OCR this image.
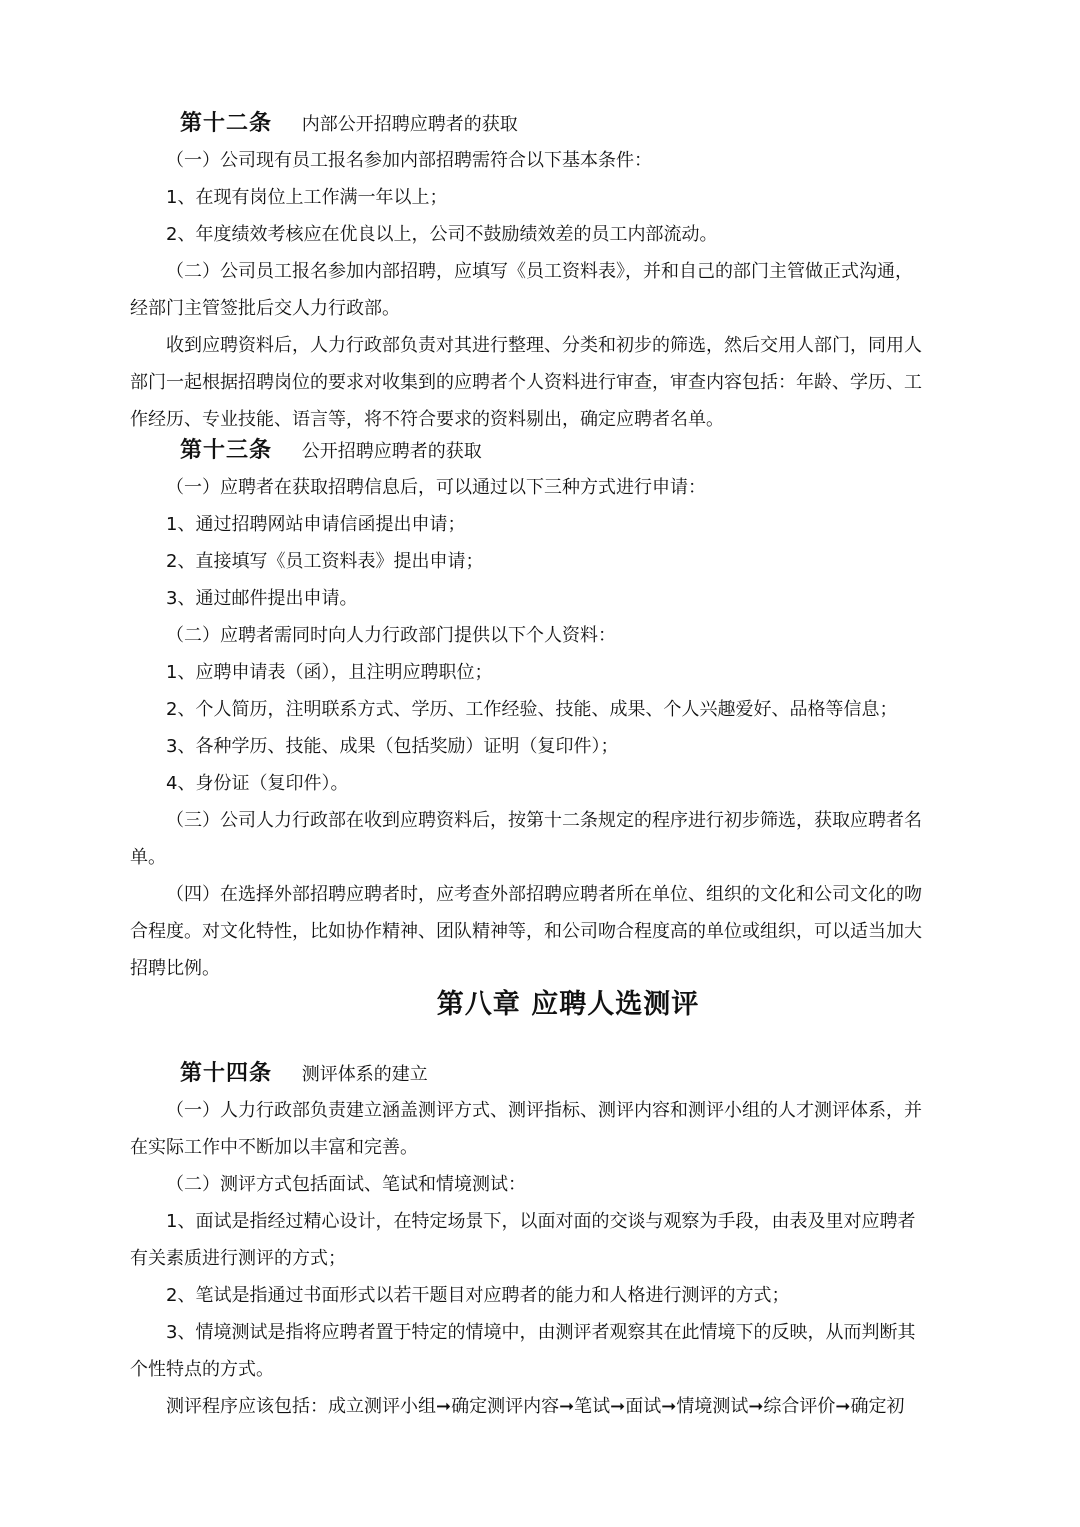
第十二条 内部公开招聘应聘者的获取
（一）公司现有员工报名参加内部招聘需符合以下基本条件：
1、在现有岗位上工作满一年以上；
2、年度绩效考核应在优良以上，公司不鼓励绩效差的员工内部流动。
（二）公司员工报名参加内部招聘，应填写《员工资料表》，并和自己的部门主管做正式沟通，
经部门主管签批后交人力行政部。
收到应聘资料后，人力行政部负责对其进行整理、分类和初步的筛选，然后交用人部门，同用人
部门一起根据招聘岗位的要求对收集到的应聘者个人资料进行审查，审查内容包括：年龄、学历、工
作经历、专业技能、语言等，将不符合要求的资料剔出，确定应聘者名单。
第十三条 公开招聘应聘者的获取
（一）应聘者在获取招聘信息后，可以通过以下三种方式进行申请：
1、通过招聘网站申请信函提出申请；
2、直接填写《员工资料表》提出申请；
3、通过邮件提出申请。
（二）应聘者需同时向人力行政部门提供以下个人资料：
1、应聘申请表（函），且注明应聘职位；
2、个人简历，注明联系方式、学历、工作经验、技能、成果、个人兴趣爱好、品格等信息；
3、各种学历、技能、成果（包括奖励）证明（复印件）；
4、身份证（复印件）。
（三）公司人力行政部在收到应聘资料后，按第十二条规定的程序进行初步筛选，获取应聘者名
单。
（四）在选择外部招聘应聘者时，应考查外部招聘应聘者所在单位、组织的文化和公司文化的吻
合程度。对文化特性，比如协作精神、团队精神等，和公司吻合程度高的单位或组织，可以适当加大
招聘比例。
第八章 应聘人选测评
第十四条 测评体系的建立
（一）人力行政部负责建立涵盖测评方式、测评指标、测评内容和测评小组的人才测评体系，并
在实际工作中不断加以丰富和完善。
（二）测评方式包括面试、笔试和情境测试：
1、面试是指经过精心设计，在特定场景下，以面对面的交谈与观察为手段，由表及里对应聘者
有关素质进行测评的方式；
2、笔试是指通过书面形式以若干题目对应聘者的能力和人格进行测评的方式；
3、情境测试是指将应聘者置于特定的情境中，由测评者观察其在此情境下的反映，从而判断其
个性特点的方式。
测评程序应该包括：成立测评小组➞确定测评内容➞笔试➞面试➞情境测试➞综合评价➞确定初
